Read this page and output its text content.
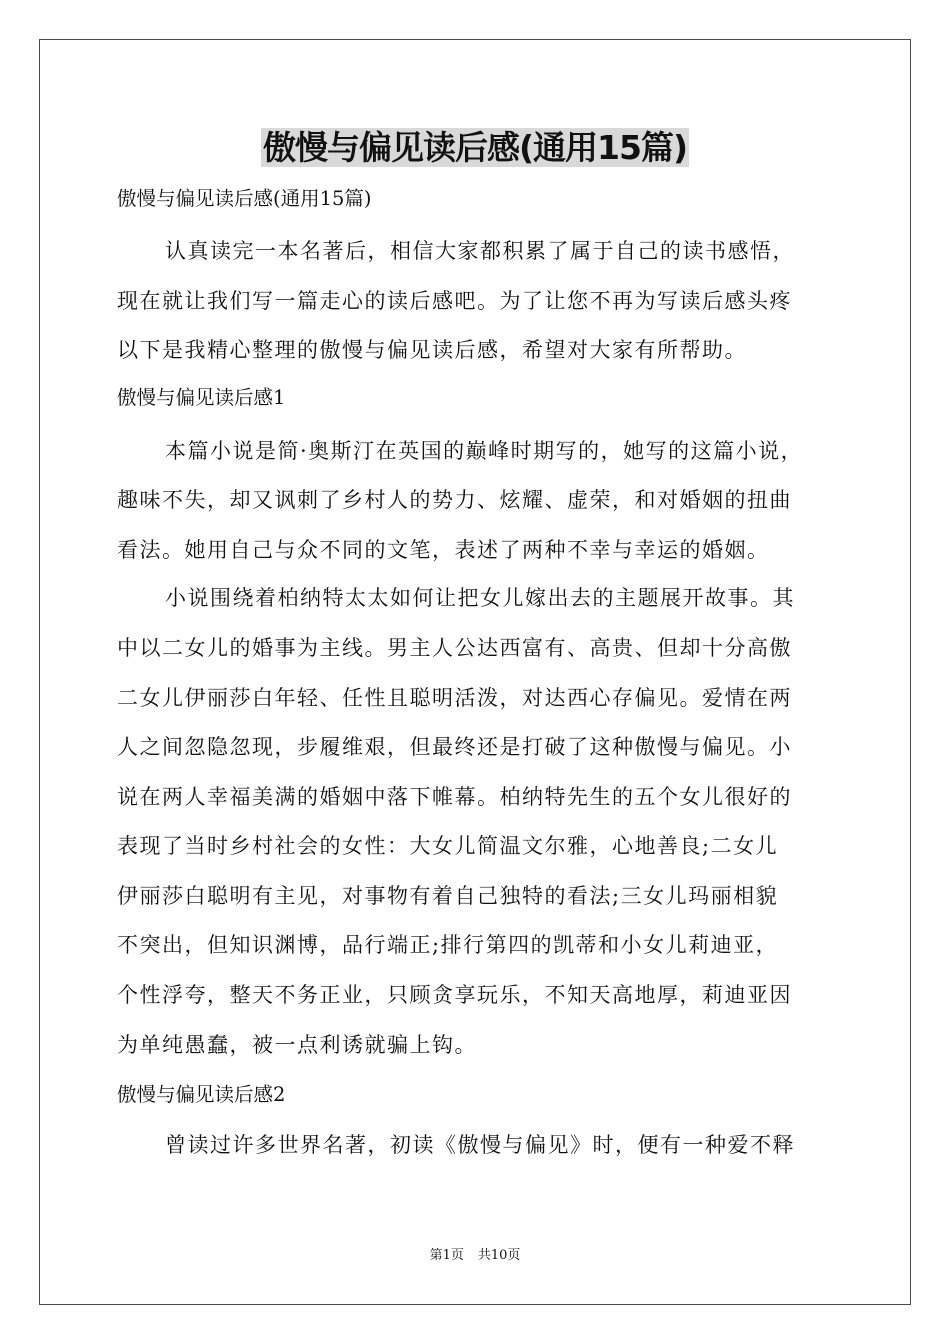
傲慢与偏见读后感(通用15篇)
傲慢与偏见读后感(通用15篇)
认真读完一本名著后，相信大家都积累了属于自己的读书感悟，
现在就让我们写一篇走心的读后感吧。为了让您不再为写读后感头疼
以下是我精心整理的傲慢与偏见读后感，希望对大家有所帮助。
傲慢与偏见读后感1
本篇小说是简·奥斯汀在英国的巅峰时期写的，她写的这篇小说，
趣味不失，却又讽刺了乡村人的势力、炫耀、虚荣，和对婚姻的扭曲
看法。她用自己与众不同的文笔，表述了两种不幸与幸运的婚姻。
小说围绕着柏纳特太太如何让把女儿嫁出去的主题展开故事。其
中以二女儿的婚事为主线。男主人公达西富有、高贵、但却十分高傲
二女儿伊丽莎白年轻、任性且聪明活泼，对达西心存偏见。爱情在两
人之间忽隐忽现，步履维艰，但最终还是打破了这种傲慢与偏见。小
说在两人幸福美满的婚姻中落下帷幕。柏纳特先生的五个女儿很好的
表现了当时乡村社会的女性：大女儿简温文尔雅，心地善良;二女儿
伊丽莎白聪明有主见，对事物有着自己独特的看法;三女儿玛丽相貌
不突出，但知识渊博，品行端正;排行第四的凯蒂和小女儿莉迪亚，
个性浮夸，整天不务正业，只顾贪享玩乐，不知天高地厚，莉迪亚因
为单纯愚蠢，被一点利诱就骗上钩。
傲慢与偏见读后感2
曾读过许多世界名著，初读《傲慢与偏见》时，便有一种爱不释
第1页 共10页
